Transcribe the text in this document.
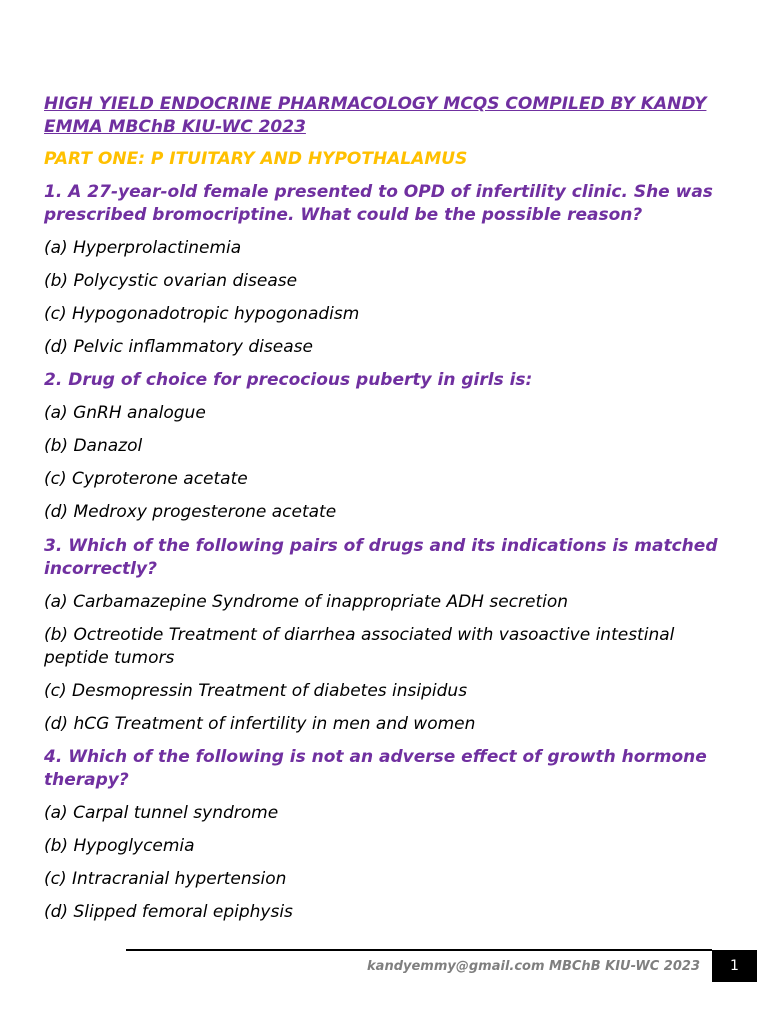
HIGH YIELD ENDOCRINE PHARMACOLOGY MCQS COMPILED BY KANDY EMMA MBChB KIU-WC 2023
PART ONE: P ITUITARY AND HYPOTHALAMUS

1. A 27-year-old female presented to OPD of infertility clinic. She was prescribed bromocriptine. What could be the possible reason?

(a) Hyperprolactinemia

(b) Polycystic ovarian disease

(c) Hypogonadotropic hypogonadism

(d) Pelvic inflammatory disease

2. Drug of choice for precocious puberty in girls is:

(a) GnRH analogue

(b) Danazol

(c) Cyproterone acetate

(d) Medroxy progesterone acetate

3. Which of the following pairs of drugs and its indications is matched incorrectly?

(a) Carbamazepine Syndrome of inappropriate ADH secretion

(b) Octreotide Treatment of diarrhea associated with vasoactive intestinal peptide tumors

(c) Desmopressin Treatment of diabetes insipidus

(d) hCG Treatment of infertility in men and women

4. Which of the following is not an adverse effect of growth hormone therapy?

(a) Carpal tunnel syndrome

(b) Hypoglycemia

(c) Intracranial hypertension

(d) Slipped femoral epiphysis

kandyemmy@gmail.com MBChB KIU-WC 2023	1
